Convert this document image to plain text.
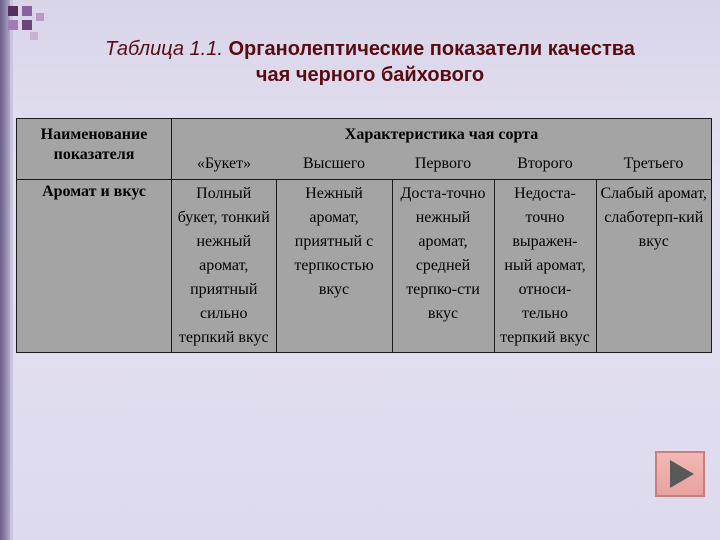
Таблица 1.1. Органолептические показатели качества
чая черного байхового
Наименование показателя	Характеристика чая сорта				
	«Букет»	Высшего	Первого	Второго	Третьего
Аромат и вкус	Полный букет, тонкий нежный аромат, приятный сильно терпкий вкус	Нежный аромат, приятный с терпкостью вкус	Доста-точно нежный аромат, средней терпко-сти вкус	Недоста-точно выражен-ный аромат, относи-тельно терпкий вкус	Слабый аромат, слаботерп-кий вкус
